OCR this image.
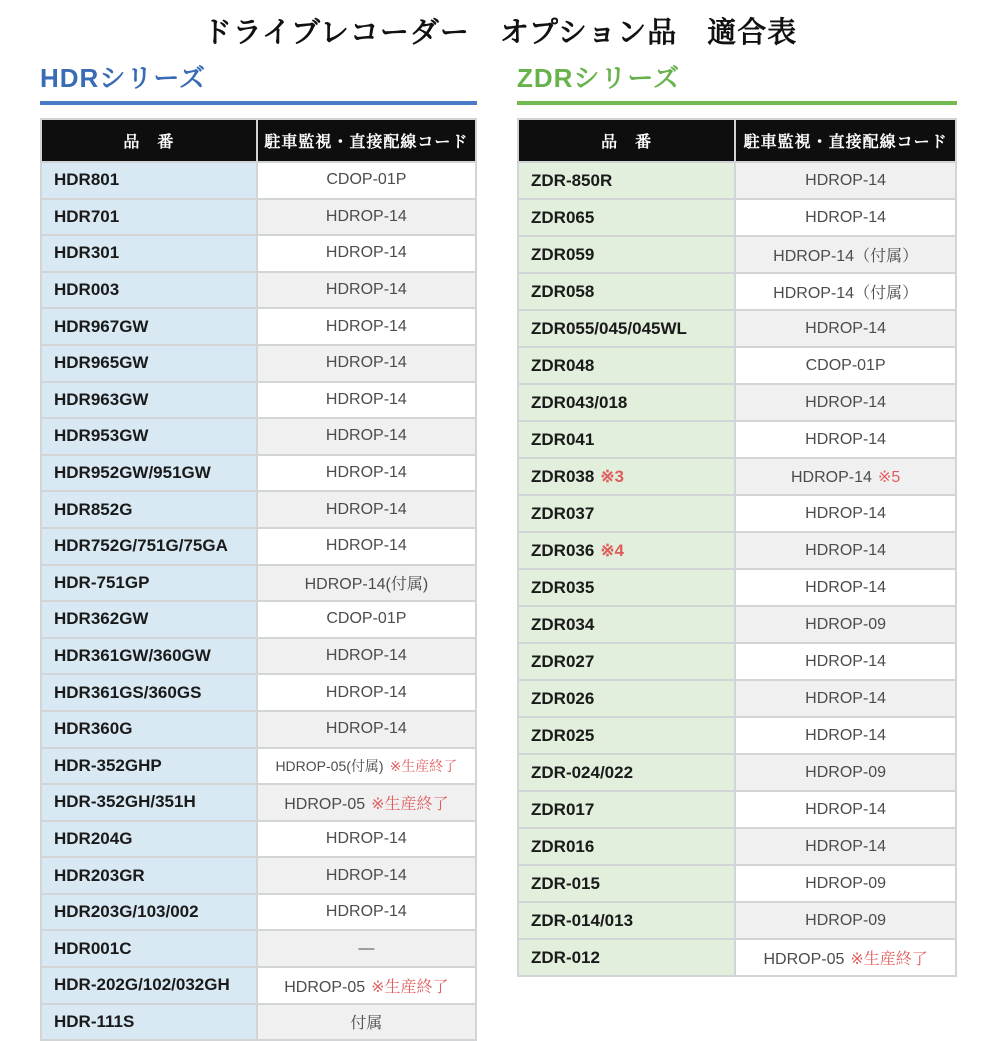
ドライブレコーダー　オプション品　適合表
HDRシリーズ
品　番	駐車監視・直接配線コード
HDR801	CDOP-01P
HDR701	HDROP-14
HDR301	HDROP-14
HDR003	HDROP-14
HDR967GW	HDROP-14
HDR965GW	HDROP-14
HDR963GW	HDROP-14
HDR953GW	HDROP-14
HDR952GW/951GW	HDROP-14
HDR852G	HDROP-14
HDR752G/751G/75GA	HDROP-14
HDR-751GP	HDROP-14(付属)
HDR362GW	CDOP-01P
HDR361GW/360GW	HDROP-14
HDR361GS/360GS	HDROP-14
HDR360G	HDROP-14
HDR-352GHP	HDROP-05(付属) ※生産終了
HDR-352GH/351H	HDROP-05 ※生産終了
HDR204G	HDROP-14
HDR203GR	HDROP-14
HDR203G/103/002	HDROP-14
HDR001C	—
HDR-202G/102/032GH	HDROP-05 ※生産終了
HDR-111S	付属
ZDRシリーズ
品　番	駐車監視・直接配線コード
ZDR-850R	HDROP-14
ZDR065	HDROP-14
ZDR059	HDROP-14（付属）
ZDR058	HDROP-14（付属）
ZDR055/045/045WL	HDROP-14
ZDR048	CDOP-01P
ZDR043/018	HDROP-14
ZDR041	HDROP-14
ZDR038 ※3	HDROP-14 ※5
ZDR037	HDROP-14
ZDR036 ※4	HDROP-14
ZDR035	HDROP-14
ZDR034	HDROP-09
ZDR027	HDROP-14
ZDR026	HDROP-14
ZDR025	HDROP-14
ZDR-024/022	HDROP-09
ZDR017	HDROP-14
ZDR016	HDROP-14
ZDR-015	HDROP-09
ZDR-014/013	HDROP-09
ZDR-012	HDROP-05 ※生産終了
